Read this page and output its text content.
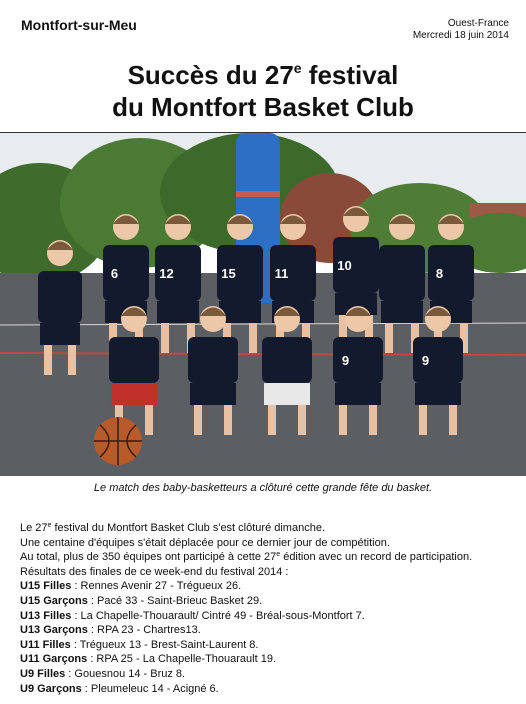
Montfort-sur-Meu	Ouest-France
Mercredi 18 juin 2014
Succès du 27e festival
du Montfort Basket Club
6	12	15	11
10
8
9	9
Le match des baby-basketteurs a clôturé cette grande fête du basket.

Le 27e festival du Montfort Basket Club s'est clôturé dimanche.

Une centaine d'équipes s'était déplacée pour ce dernier jour de compétition.

Au total, plus de 350 équipes ont participé à cette 27e édition avec un record de participation.

Résultats des finales de ce week-end du festival 2014 :

U15 Filles : Rennes Avenir 27 - Trégueux 26.

U15 Garçons : Pacé 33 - Saint-Brieuc Basket 29.

U13 Filles : La Chapelle-Thouarault/ Cintré 49 - Bréal-sous-Montfort 7.

U13 Garçons : RPA 23 - Chartres13.

U11 Filles : Trégueux 13 - Brest-Saint-Laurent 8.

U11 Garçons : RPA 25 - La Chapelle-Thouarault 19.

U9 Filles : Gouesnou 14 - Bruz 8.

U9 Garçons : Pleumeleuc 14 - Acigné 6.
